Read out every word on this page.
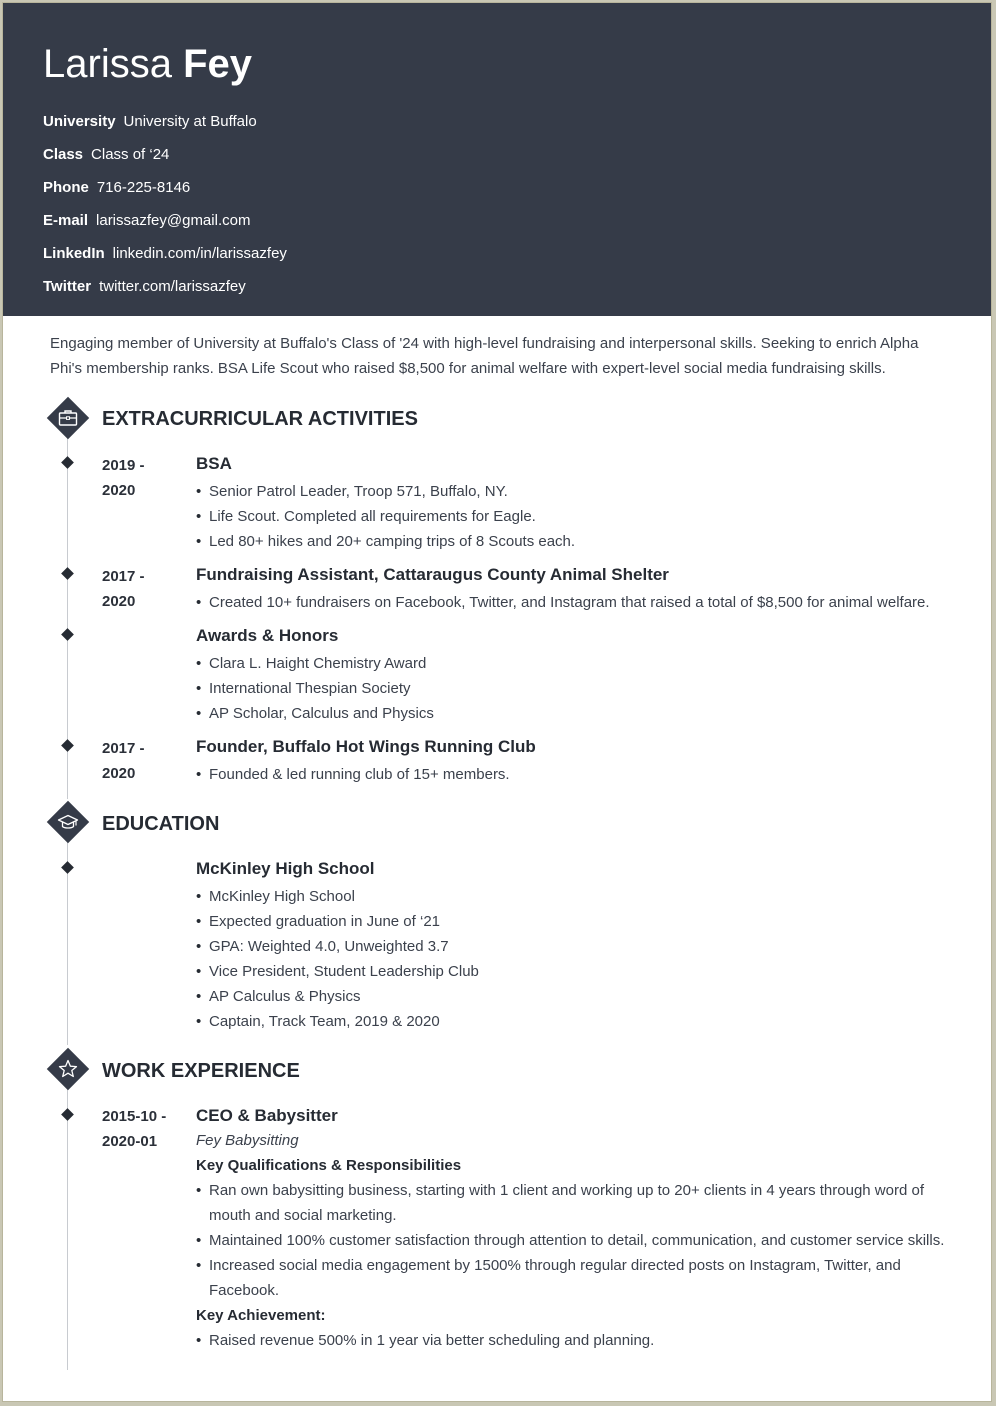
Larissa Fey
University University at Buffalo
Class Class of ‘24
Phone 716-225-8146
E-mail larissazfey@gmail.com
LinkedIn linkedin.com/in/larissazfey
Twitter twitter.com/larissazfey

Engaging member of University at Buffalo's Class of '24 with high-level fundraising and interpersonal skills. Seeking to enrich Alpha Phi's membership ranks. BSA Life Scout who raised $8,500 for animal welfare with expert-level social media fundraising skills.

EXTRACURRICULAR ACTIVITIES
2019 -
2020
BSA
• Senior Patrol Leader, Troop 571, Buffalo, NY.
• Life Scout. Completed all requirements for Eagle.
• Led 80+ hikes and 20+ camping trips of 8 Scouts each.
2017 -
2020
Fundraising Assistant, Cattaraugus County Animal Shelter
• Created 10+ fundraisers on Facebook, Twitter, and Instagram that raised a total of $8,500 for animal welfare.
Awards & Honors
• Clara L. Haight Chemistry Award
• International Thespian Society
• AP Scholar, Calculus and Physics
2017 -
2020
Founder, Buffalo Hot Wings Running Club
• Founded & led running club of 15+ members.
EDUCATION
McKinley High School
• McKinley High School
• Expected graduation in June of ‘21
• GPA: Weighted 4.0, Unweighted 3.7
• Vice President, Student Leadership Club
• AP Calculus & Physics
• Captain, Track Team, 2019 & 2020
WORK EXPERIENCE
2015-10 -
2020-01
CEO & Babysitter

Fey Babysitting

Key Qualifications & Responsibilities

• Ran own babysitting business, starting with 1 client and working up to 20+ clients in 4 years through word of mouth and social marketing.
• Maintained 100% customer satisfaction through attention to detail, communication, and customer service skills.
• Increased social media engagement by 1500% through regular directed posts on Instagram, Twitter, and Facebook.

Key Achievement:

• Raised revenue 500% in 1 year via better scheduling and planning.
